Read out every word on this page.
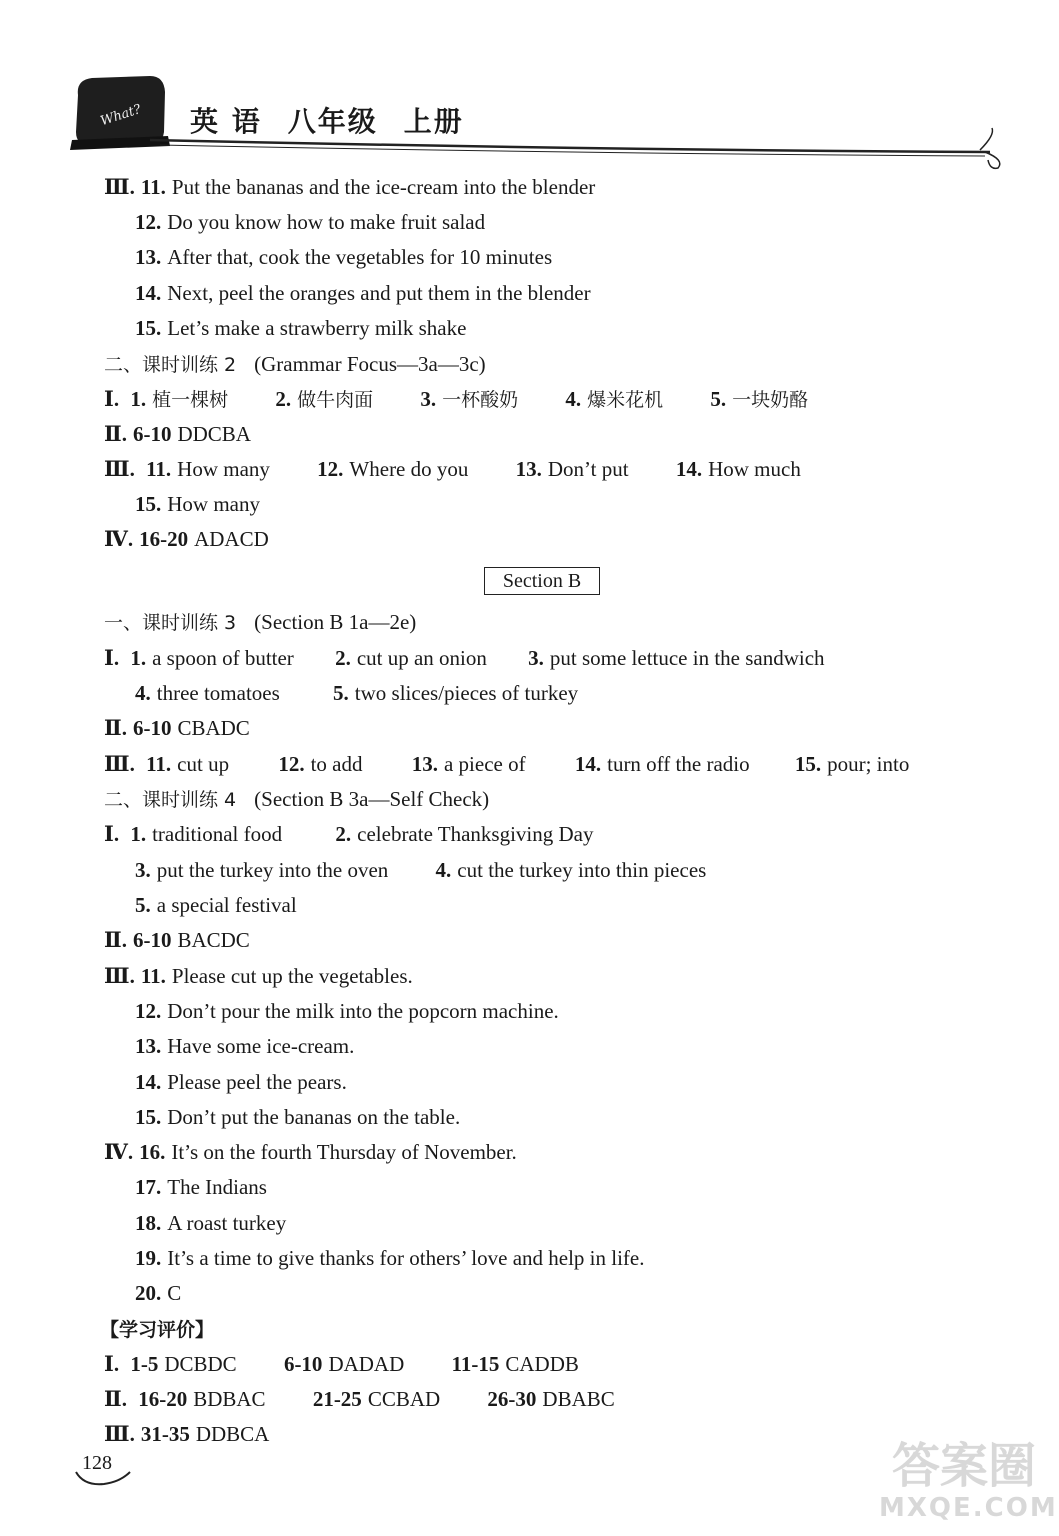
What? 英 语 八年级 上册
Ⅲ. 11. Put the bananas and the ice-cream into the blender
12. Do you know how to make fruit salad
13. After that, cook the vegetables for 10 minutes
14. Next, peel the oranges and put them in the blender
15. Let’s make a strawberry milk shake
二、课时训练 2 (Grammar Focus—3a—3c)
Ⅰ. 1. 植一棵树 2. 做牛肉面 3. 一杯酸奶 4. 爆米花机 5. 一块奶酪
Ⅱ. 6-10 DDCBA
Ⅲ. 11. How many 12. Where do you 13. Don’t put 14. How much
15. How many
Ⅳ. 16-20 ADACD
Section B
一、课时训练 3 (Section B 1a—2e)
Ⅰ. 1. a spoon of butter 2. cut up an onion 3. put some lettuce in the sandwich
4. three tomatoes	5. two slices/pieces of turkey
Ⅱ. 6-10 CBADC
Ⅲ. 11. cut up 12. to add 13. a piece of 14. turn off the radio 15. pour; into
二、课时训练 4 (Section B 3a—Self Check)
Ⅰ. 1. traditional food	2. celebrate Thanksgiving Day
3. put the turkey into the oven 4. cut the turkey into thin pieces
5. a special festival
Ⅱ. 6-10 BACDC
Ⅲ. 11. Please cut up the vegetables.
12. Don’t pour the milk into the popcorn machine.
13. Have some ice-cream.
14. Please peel the pears.
15. Don’t put the bananas on the table.
Ⅳ. 16. It’s on the fourth Thursday of November.
17. The Indians
18. A roast turkey
19. It’s a time to give thanks for others’ love and help in life.
20. C
【学习评价】
Ⅰ. 1-5 DCBDC 6-10 DADAD 11-15 CADDB
Ⅱ. 16-20 BDBAC 21-25 CCBAD 26-30 DBABC
Ⅲ. 31-35 DDBCA
128	答案圈
MXQE.COM
